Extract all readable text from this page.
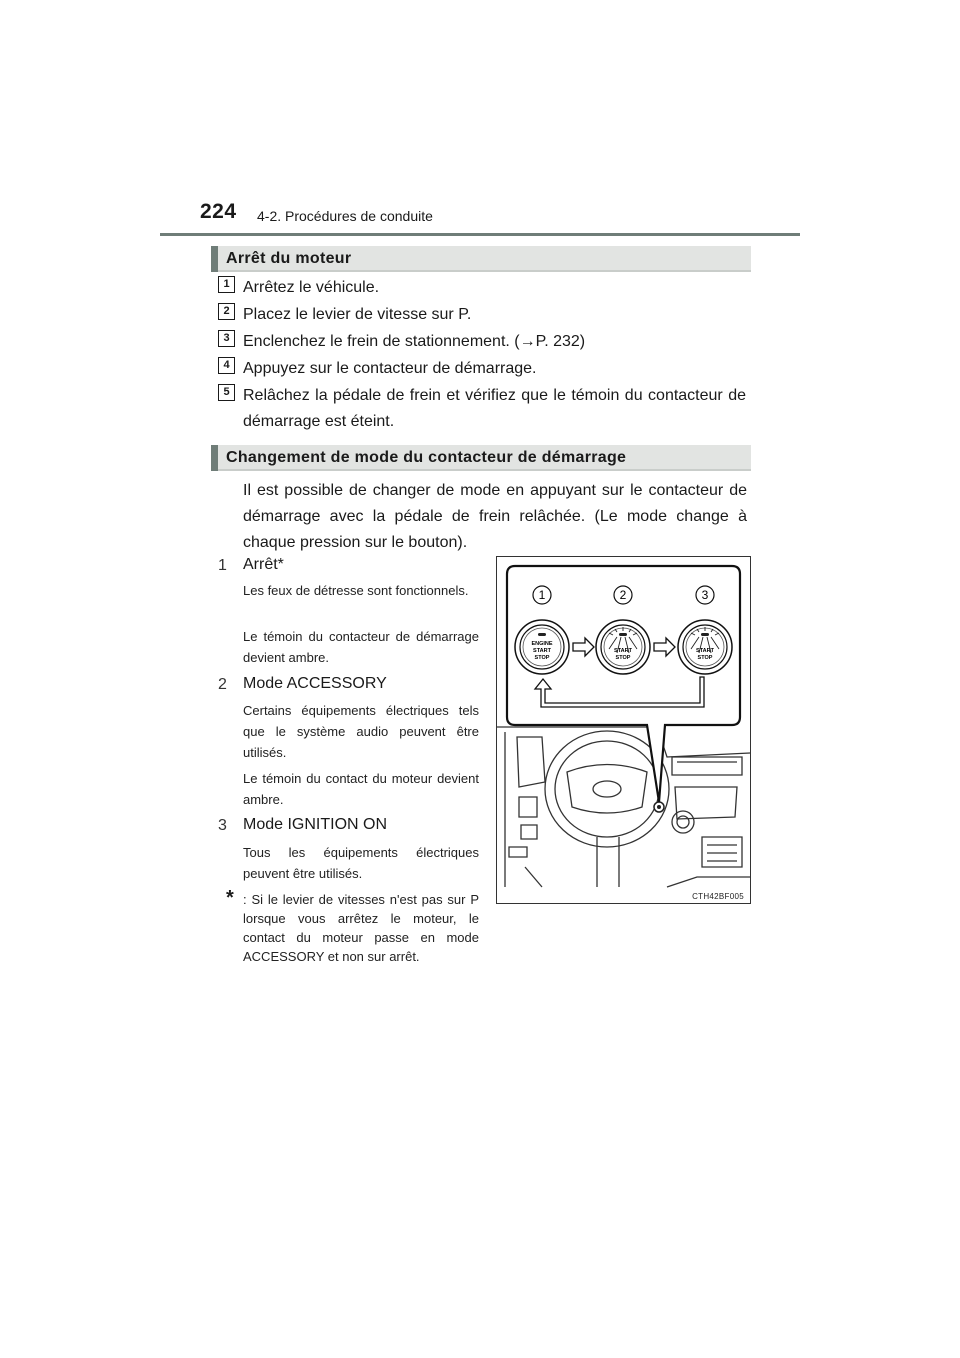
224 4-2. Procédures de conduite
Arrêt du moteur
1 Arrêtez le véhicule.
2 Placez le levier de vitesse sur P.
3 Enclenchez le frein de stationnement. (→P. 232)
4 Appuyez sur le contacteur de démarrage.
5 Relâchez la pédale de frein et vérifiez que le témoin du contacteur de démarrage est éteint.
Changement de mode du contacteur de démarrage
Il est possible de changer de mode en appuyant sur le contacteur de démarrage avec la pédale de frein relâchée. (Le mode change à chaque pression sur le bouton).
1 Arrêt*
Les feux de détresse sont fonctionnels.
Le témoin du contacteur de démarrage devient ambre.
2 Mode ACCESSORY
Certains équipements électriques tels que le système audio peuvent être utilisés.
Le témoin du contact du moteur devient ambre.
3 Mode IGNITION ON
Tous les équipements électriques peuvent être utilisés.
* : Si le levier de vitesses n'est pas sur P lorsque vous arrêtez le moteur, le contact du moteur passe en mode ACCESSORY et non sur arrêt.
1	2	3
ENGINE
START
STOP
START
STOP
START
STOP
CTH42BF005
